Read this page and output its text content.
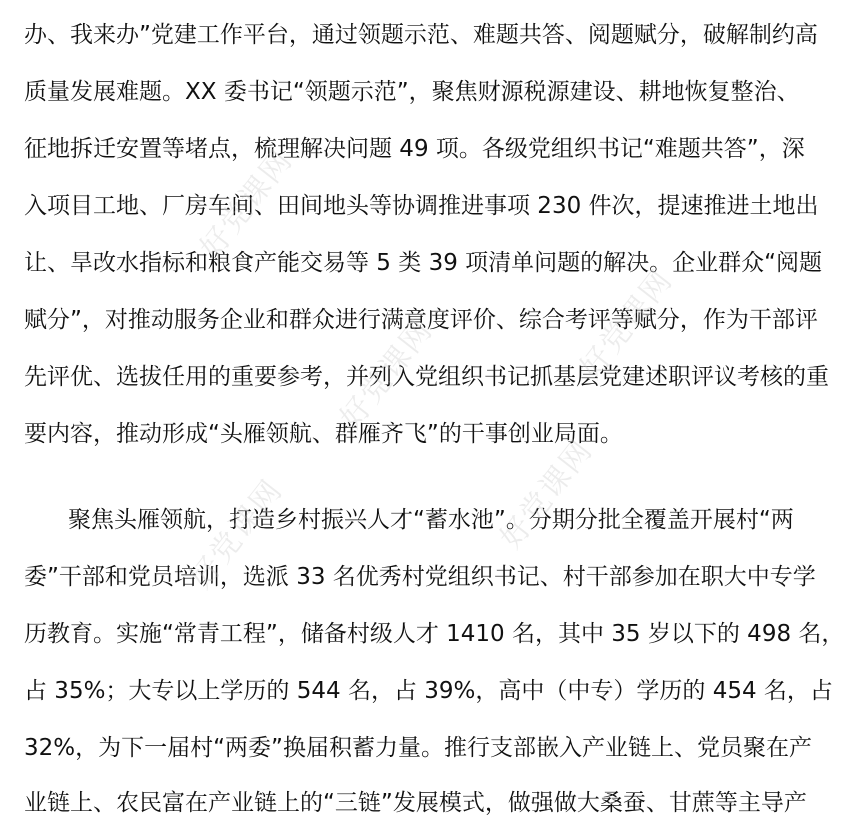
办、我来办”党建工作平台，通过领题示范、难题共答、阅题赋分，破解制约高
质量发展难题。XX 委书记“领题示范”，聚焦财源税源建设、耕地恢复整治、
征地拆迁安置等堵点，梳理解决问题 49 项。各级党组织书记“难题共答”，深
入项目工地、厂房车间、田间地头等协调推进事项 230 件次，提速推进土地出
让、旱改水指标和粮食产能交易等 5 类 39 项清单问题的解决。企业群众“阅题
赋分”，对推动服务企业和群众进行满意度评价、综合考评等赋分，作为干部评
先评优、选拔任用的重要参考，并列入党组织书记抓基层党建述职评议考核的重
要内容，推动形成“头雁领航、群雁齐飞”的干事创业局面。
聚焦头雁领航，打造乡村振兴人才“蓄水池”。分期分批全覆盖开展村“两
委”干部和党员培训，选派 33 名优秀村党组织书记、村干部参加在职大中专学
历教育。实施“常青工程”，储备村级人才 1410 名，其中 35 岁以下的 498 名，
占 35%；大专以上学历的 544 名，占 39%，高中（中专）学历的 454 名，占
32%，为下一届村“两委”换届积蓄力量。推行支部嵌入产业链上、党员聚在产
业链上、农民富在产业链上的“三链”发展模式，做强做大桑蚕、甘蔗等主导产
好党课网
好党课网
好党课网
好党课网
好党课网
